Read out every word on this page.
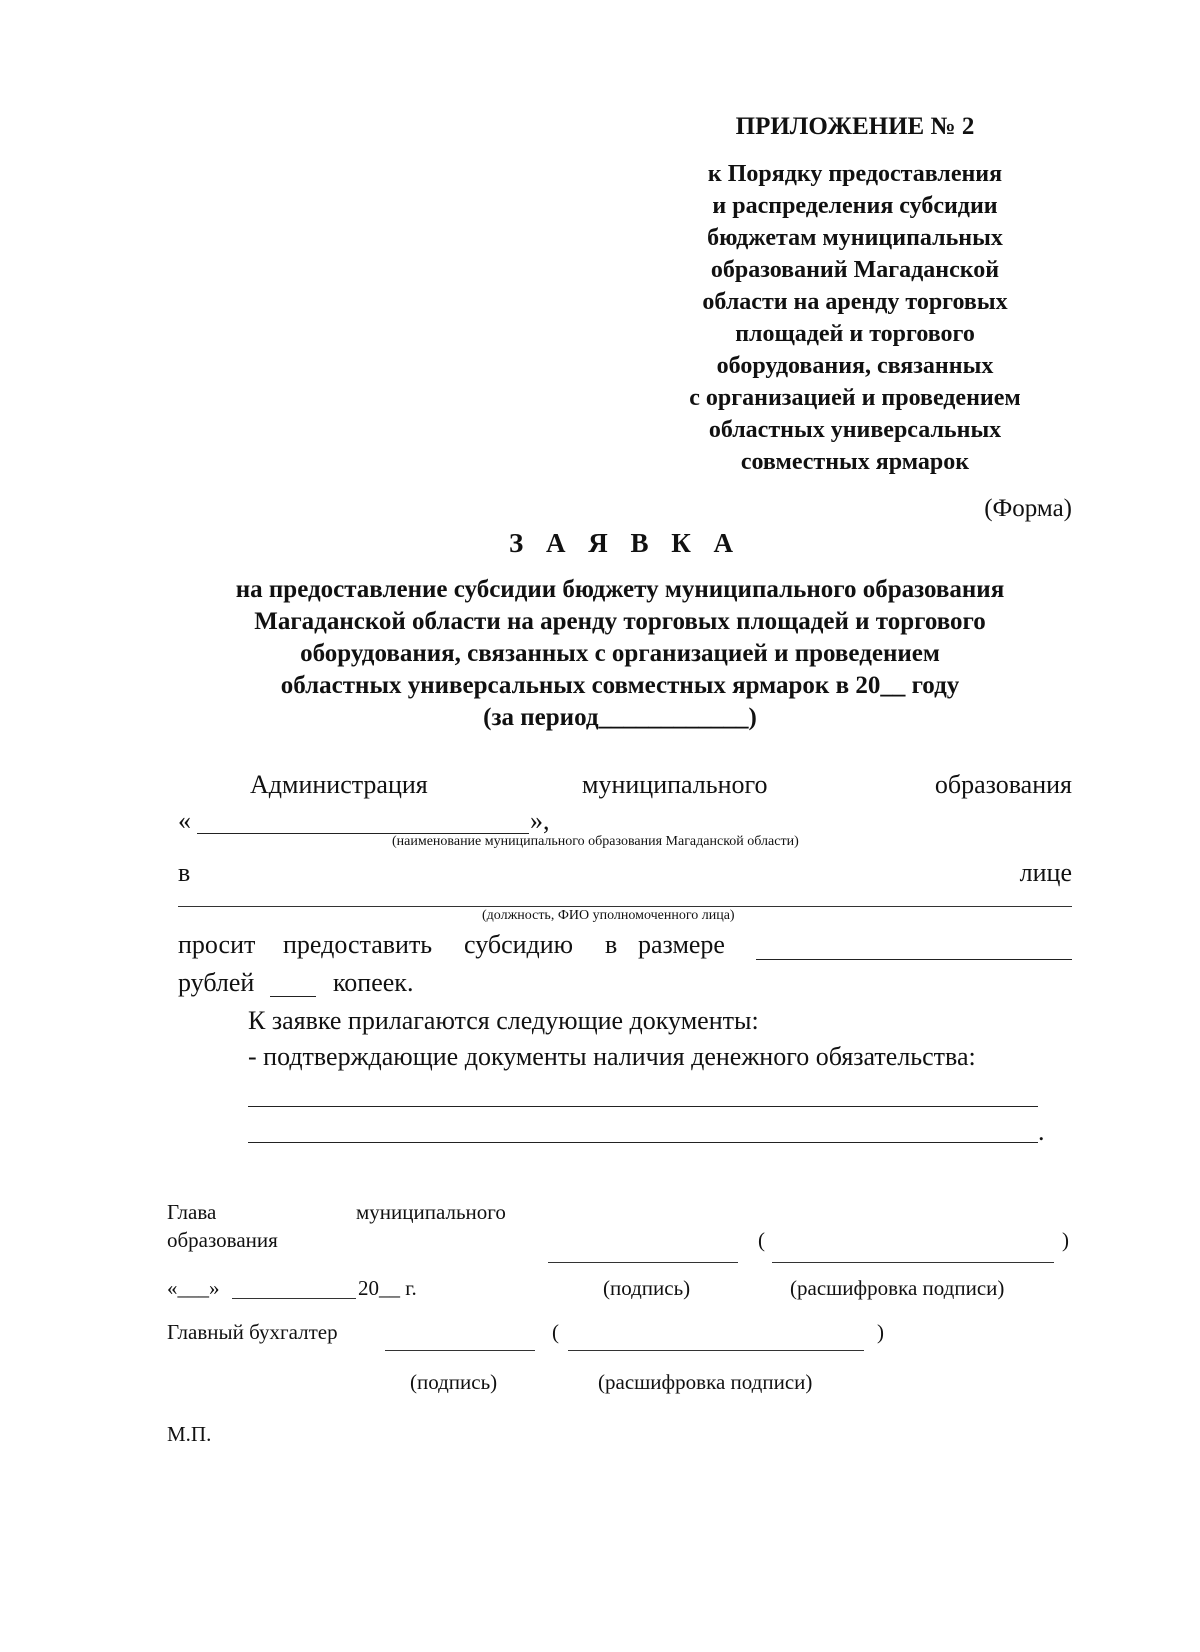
ПРИЛОЖЕНИЕ № 2
к Порядку предоставления
и распределения субсидии
бюджетам муниципальных
образований Магаданской
области на аренду торговых
площадей и торгового
оборудования, связанных
с организацией и проведением
областных универсальных
совместных ярмарок
(Форма)
З А Я В К А
на предоставление субсидии бюджету муниципального образования
Магаданской области на аренду торговых площадей и торгового
оборудования, связанных с организацией и проведением
областных универсальных совместных ярмарок в 20__ году
(за период____________)
Администрация	муниципального	образования
«	»,
(наименование муниципального образования Магаданской области)
в	лице
(должность, ФИО уполномоченного лица)
просит предоставить субсидию в размере
рублей	копеек.
К заявке прилагаются следующие документы:
- подтверждающие документы наличия денежного обязательства:
.
Глава	муниципального
образования	(	)
«___»	20__ г.	(подпись)	(расшифровка подписи)
Главный бухгалтер	(	)
(подпись)	(расшифровка подписи)
М.П.
